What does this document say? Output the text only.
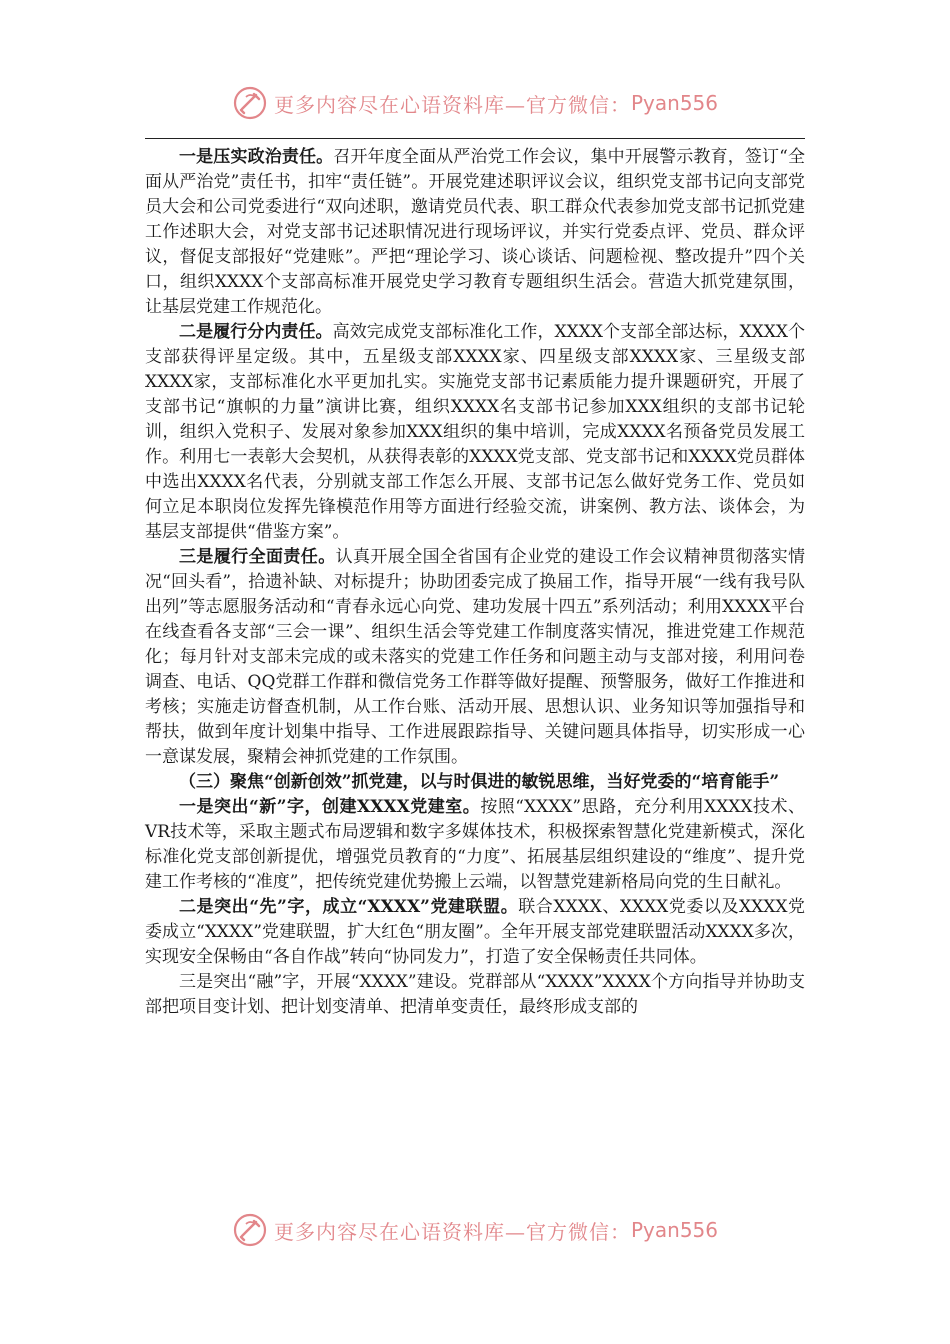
更多内容尽在心语资料库—官方微信： Pyan556

一是压实政治责任。召开年度全面从严治党工作会议，集中开展警示教育，签订“全面从严治党”责任书，扣牢“责任链”。开展党建述职评议会议，组织党支部书记向支部党员大会和公司党委进行“双向述职，邀请党员代表、职工群众代表参加党支部书记抓党建工作述职大会，对党支部书记述职情况进行现场评议，并实行党委点评、党员、群众评议，督促支部报好“党建账”。严把“理论学习、谈心谈话、问题检视、整改提升”四个关口，组织XXXX个支部高标准开展党史学习教育专题组织生活会。营造大抓党建氛围，让基层党建工作规范化。

二是履行分内责任。高效完成党支部标准化工作，XXXX个支部全部达标，XXXX个支部获得评星定级。其中，五星级支部XXXX家、四星级支部XXXX家、三星级支部XXXX家，支部标准化水平更加扎实。实施党支部书记素质能力提升课题研究，开展了支部书记“旗帜的力量”演讲比赛，组织XXXX名支部书记参加XXX组织的支部书记轮训，组织入党积子、发展对象参加XXX组织的集中培训，完成XXXX名预备党员发展工作。利用七一表彰大会契机，从获得表彰的XXXX党支部、党支部书记和XXXX党员群体中选出XXXX名代表，分别就支部工作怎么开展、支部书记怎么做好党务工作、党员如何立足本职岗位发挥先锋模范作用等方面进行经验交流，讲案例、教方法、谈体会，为基层支部提供“借鉴方案”。

三是履行全面责任。认真开展全国全省国有企业党的建设工作会议精神贯彻落实情况“回头看”，拾遗补缺、对标提升；协助团委完成了换届工作，指导开展“一线有我号队出列”等志愿服务活动和“青春永远心向党、建功发展十四五”系列活动；利用XXXX平台在线查看各支部“三会一课”、组织生活会等党建工作制度落实情况，推进党建工作规范化；每月针对支部未完成的或未落实的党建工作任务和问题主动与支部对接，利用问卷调查、电话、QQ党群工作群和微信党务工作群等做好提醒、预警服务，做好工作推进和考核；实施走访督查机制，从工作台账、活动开展、思想认识、业务知识等加强指导和帮扶，做到年度计划集中指导、工作进展跟踪指导、关键问题具体指导，切实形成一心一意谋发展，聚精会神抓党建的工作氛围。

（三）聚焦“创新创效”抓党建，以与时俱进的敏锐思维，当好党委的“培育能手”

一是突出“新”字，创建XXXX党建室。按照“XXXX”思路，充分利用XXXX技术、VR技术等，采取主题式布局逻辑和数字多媒体技术，积极探索智慧化党建新模式，深化标准化党支部创新提优，增强党员教育的“力度”、拓展基层组织建设的“维度”、提升党建工作考核的“准度”，把传统党建优势搬上云端，以智慧党建新格局向党的生日献礼。

二是突出“先”字，成立“XXXX”党建联盟。联合XXXX、XXXX党委以及XXXX党委成立“XXXX”党建联盟，扩大红色“朋友圈”。全年开展支部党建联盟活动XXXX多次，实现安全保畅由“各自作战”转向“协同发力”，打造了安全保畅责任共同体。

三是突出“融”字，开展“XXXX”建设。党群部从“XXXX”XXXX个方向指导并协助支部把项目变计划、把计划变清单、把清单变责任，最终形成支部的

更多内容尽在心语资料库—官方微信： Pyan556
